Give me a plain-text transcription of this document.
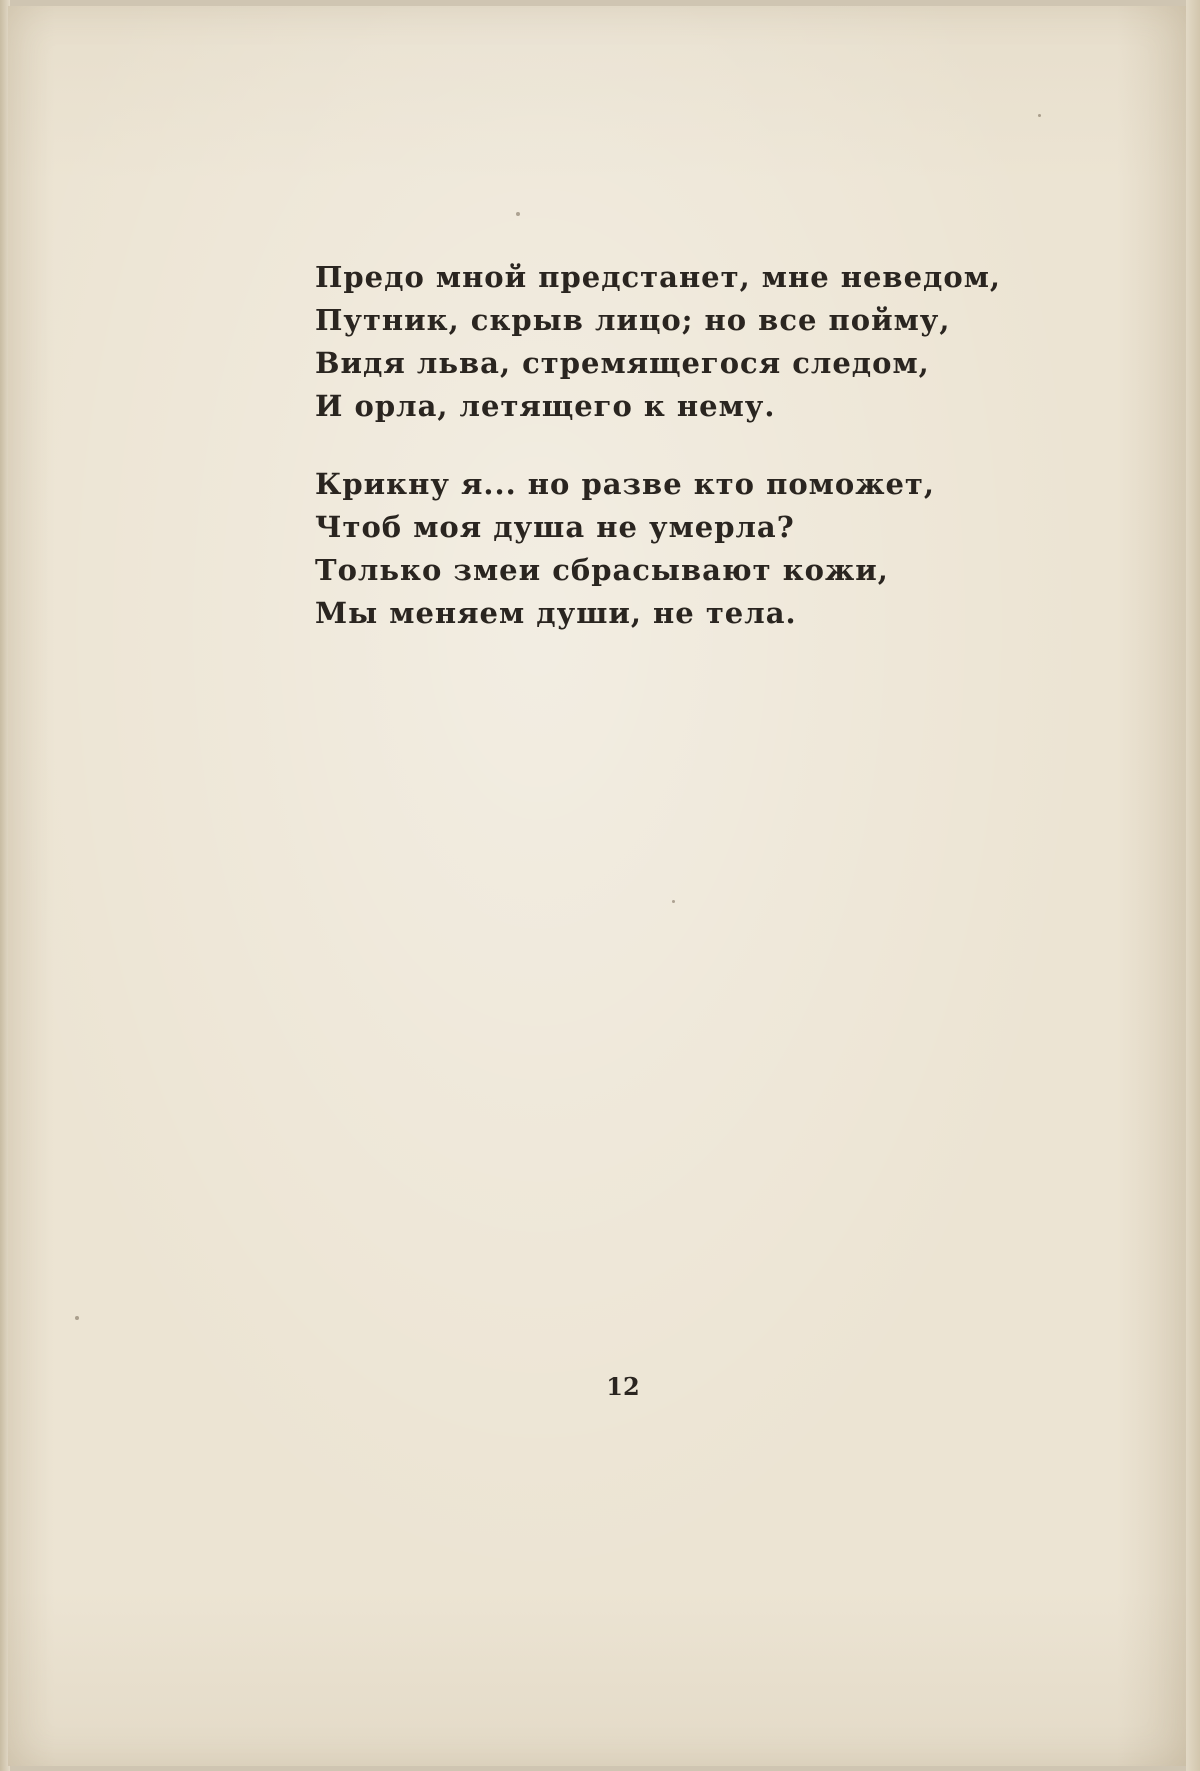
Предо мной предстанет, мне неведом,
Путник, скрыв лицо; но все пойму,
Видя льва, стремящегося следом,
И орла, летящего к нему.
Крикну я... но разве кто поможет,
Чтоб моя душа не умерла?
Только змеи сбрасывают кожи,
Мы меняем души, не тела.
12
